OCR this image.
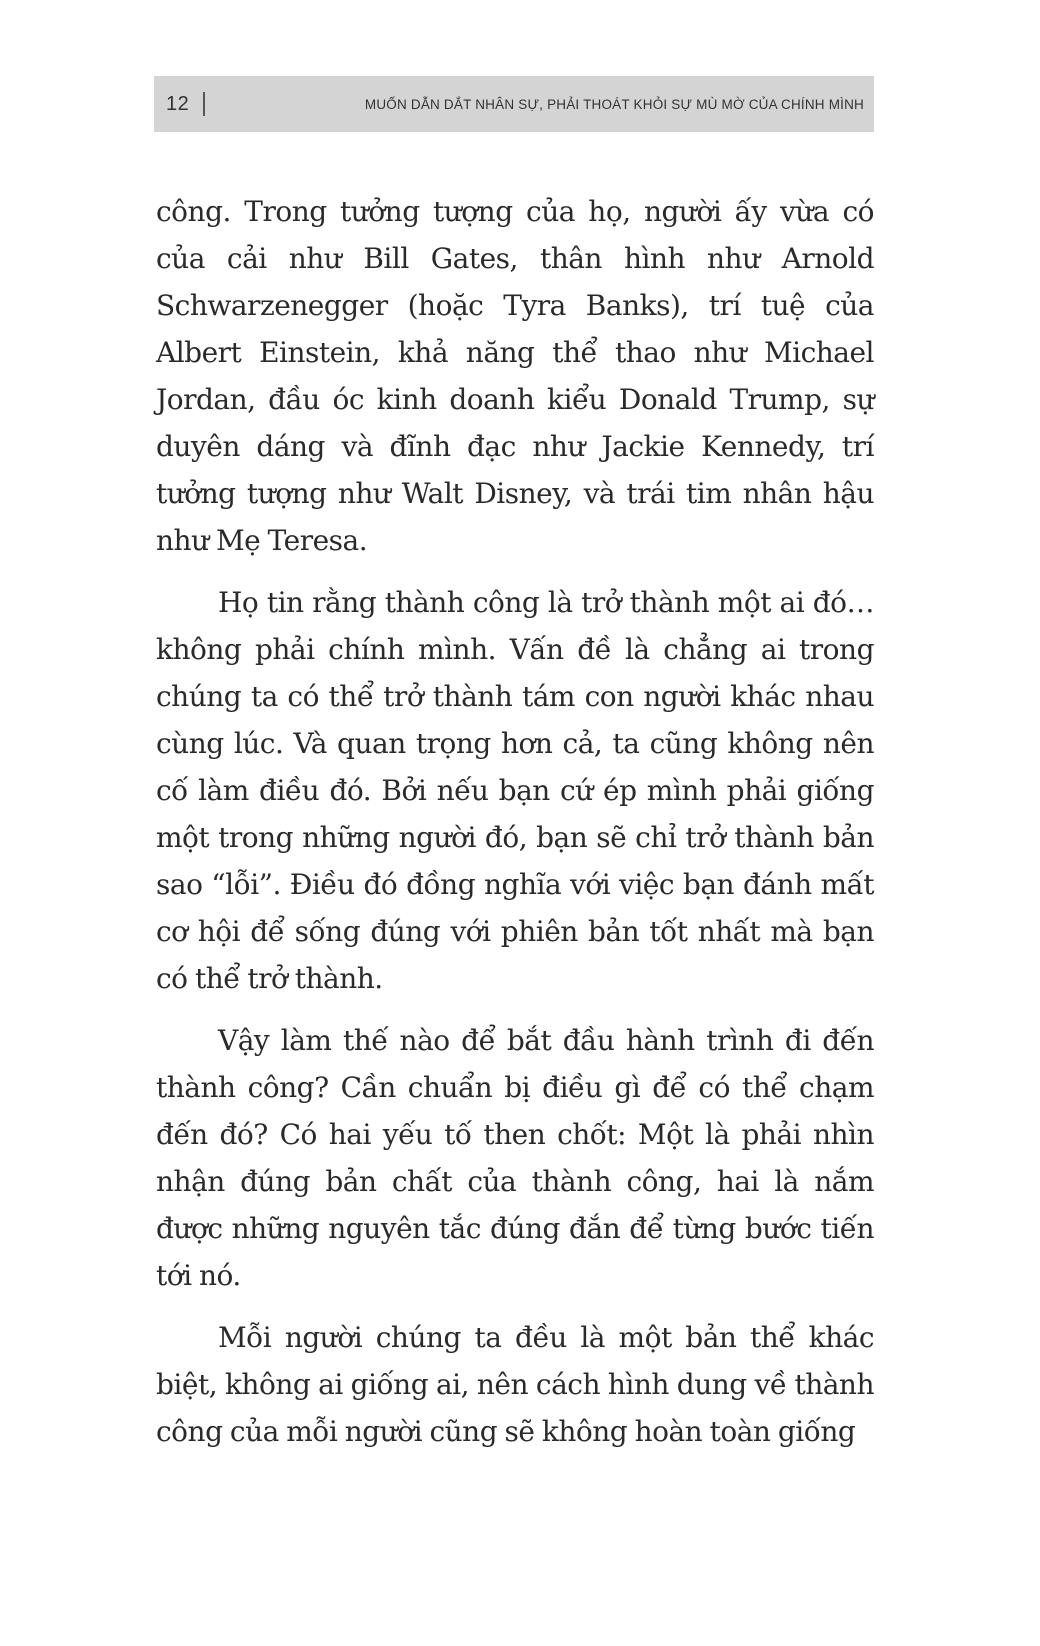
12	MUỐN DẪN DẮT NHÂN SỰ, PHẢI THOÁT KHỎI SỰ MÙ MỜ CỦA CHÍNH MÌNH

công. Trong tưởng tượng của họ, người ấy vừa có của cải như Bill Gates, thân hình như Arnold Schwarzenegger (hoặc Tyra Banks), trí tuệ của Albert Einstein, khả năng thể thao như Michael Jordan, đầu óc kinh doanh kiểu Donald Trump, sự duyên dáng và đĩnh đạc như Jackie Kennedy, trí tưởng tượng như Walt Disney, và trái tim nhân hậu như Mẹ Teresa.

Họ tin rằng thành công là trở thành một ai đó… không phải chính mình. Vấn đề là chẳng ai trong chúng ta có thể trở thành tám con người khác nhau cùng lúc. Và quan trọng hơn cả, ta cũng không nên cố làm điều đó. Bởi nếu bạn cứ ép mình phải giống một trong những người đó, bạn sẽ chỉ trở thành bản sao “lỗi”. Điều đó đồng nghĩa với việc bạn đánh mất cơ hội để sống đúng với phiên bản tốt nhất mà bạn có thể trở thành.

Vậy làm thế nào để bắt đầu hành trình đi đến thành công? Cần chuẩn bị điều gì để có thể chạm đến đó? Có hai yếu tố then chốt: Một là phải nhìn nhận đúng bản chất của thành công, hai là nắm được những nguyên tắc đúng đắn để từng bước tiến tới nó.

Mỗi người chúng ta đều là một bản thể khác biệt, không ai giống ai, nên cách hình dung về thành công của mỗi người cũng sẽ không hoàn toàn giống
